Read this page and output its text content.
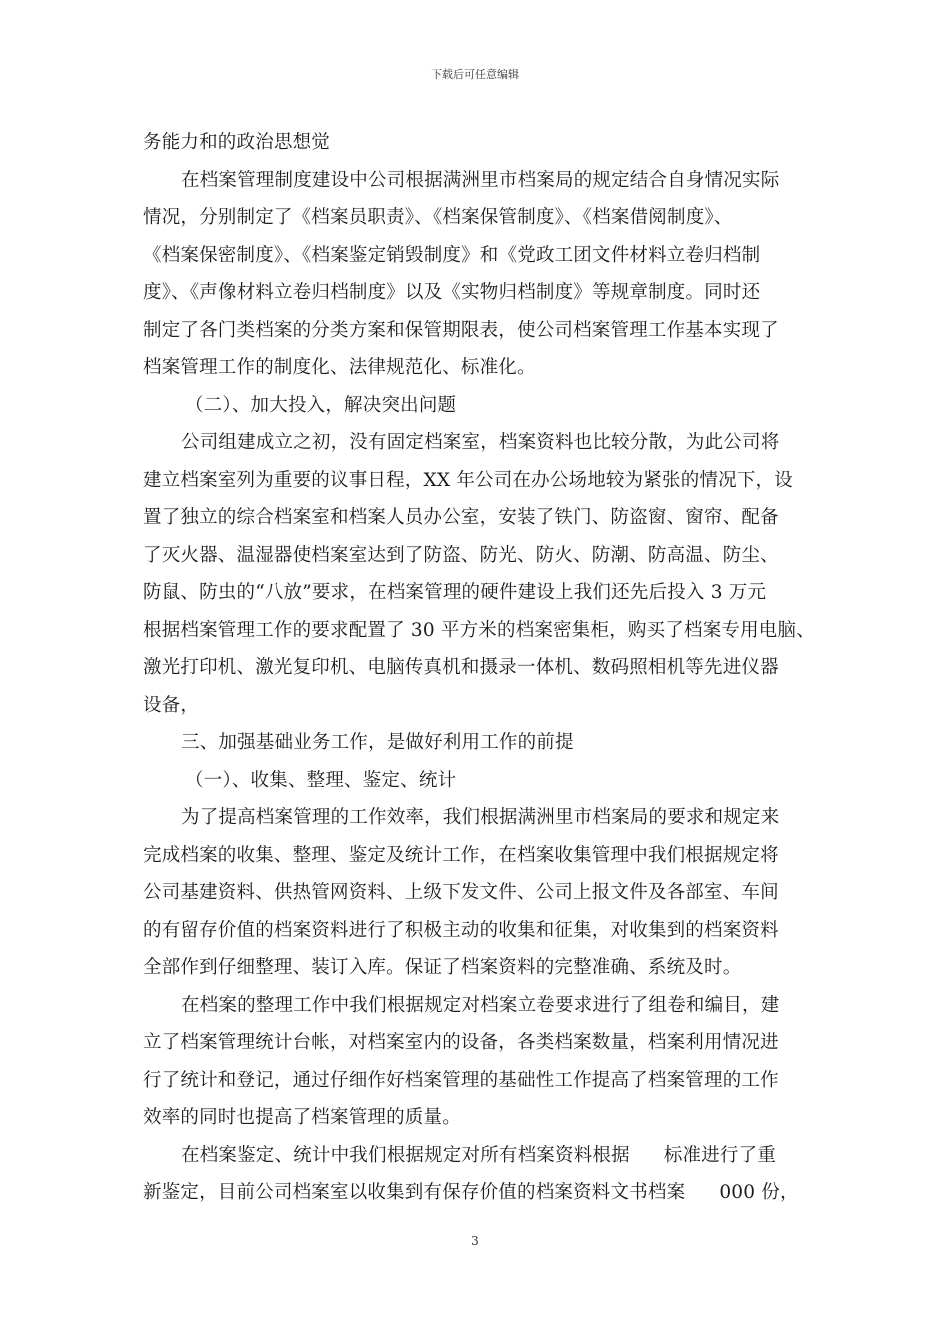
下载后可任意编辑
务能力和的政治思想觉
在档案管理制度建设中公司根据满洲里市档案局的规定结合自身情况实际
情况，分别制定了《档案员职责》、《档案保管制度》、《档案借阅制度》、
《档案保密制度》、《档案鉴定销毁制度》和《党政工团文件材料立卷归档制
度》、《声像材料立卷归档制度》以及《实物归档制度》等规章制度。同时还
制定了各门类档案的分类方案和保管期限表，使公司档案管理工作基本实现了
档案管理工作的制度化、法律规范化、标准化。
（二）、加大投入，解决突出问题
公司组建成立之初，没有固定档案室，档案资料也比较分散，为此公司将
建立档案室列为重要的议事日程，XX 年公司在办公场地较为紧张的情况下，设
置了独立的综合档案室和档案人员办公室，安装了铁门、防盗窗、窗帘、配备
了灭火器、温湿器使档案室达到了防盗、防光、防火、防潮、防高温、防尘、
防鼠、防虫的“八放”要求，在档案管理的硬件建设上我们还先后投入 3 万元
根据档案管理工作的要求配置了 30 平方米的档案密集柜，购买了档案专用电脑、
激光打印机、激光复印机、电脑传真机和摄录一体机、数码照相机等先进仪器
设备，
三、加强基础业务工作，是做好利用工作的前提
（一）、收集、整理、鉴定、统计
为了提高档案管理的工作效率，我们根据满洲里市档案局的要求和规定来
完成档案的收集、整理、鉴定及统计工作，在档案收集管理中我们根据规定将
公司基建资料、供热管网资料、上级下发文件、公司上报文件及各部室、车间
的有留存价值的档案资料进行了积极主动的收集和征集，对收集到的档案资料
全部作到仔细整理、装订入库。保证了档案资料的完整准确、系统及时。
在档案的整理工作中我们根据规定对档案立卷要求进行了组卷和编目，建
立了档案管理统计台帐，对档案室内的设备，各类档案数量，档案利用情况进
行了统计和登记，通过仔细作好档案管理的基础性工作提高了档案管理的工作
效率的同时也提高了档案管理的质量。
在档案鉴定、统计中我们根据规定对所有档案资料根据 标准进行了重
新鉴定，目前公司档案室以收集到有保存价值的档案资料文书档案 000 份，
3
